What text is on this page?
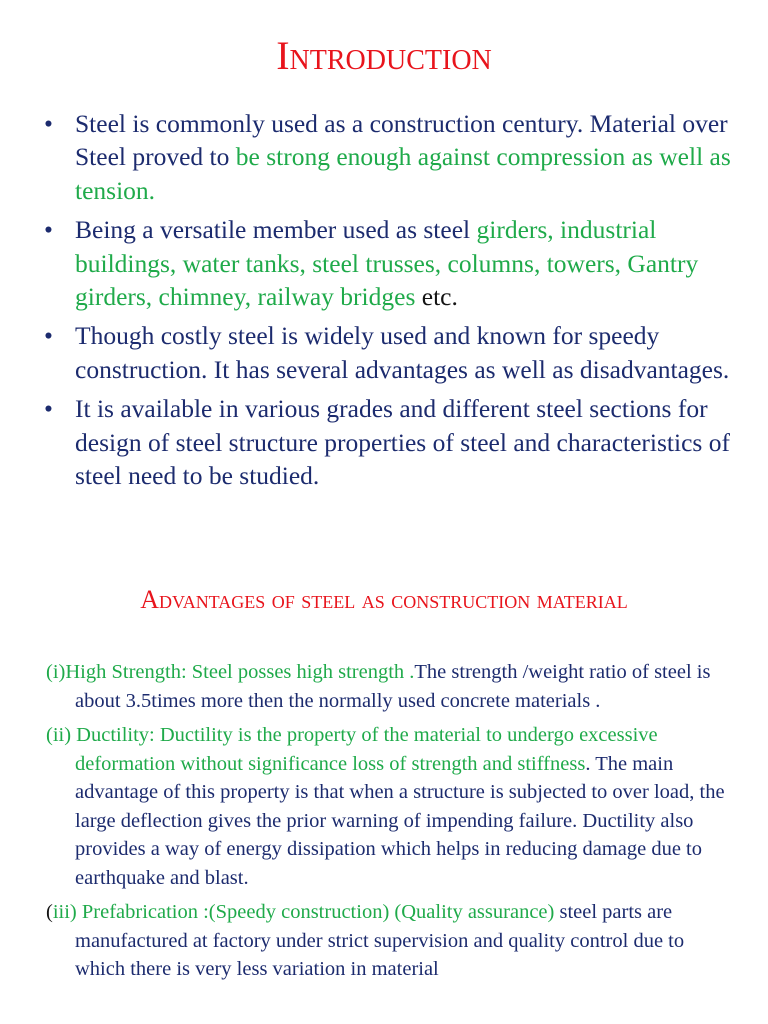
Introduction
• Steel is commonly used as a construction century. Material over Steel proved to be strong enough against compression as well as tension.
• Being a versatile member used as steel girders, industrial buildings, water tanks, steel trusses, columns, towers, Gantry girders, chimney, railway bridges etc.
• Though costly steel is widely used and known for speedy construction. It has several advantages as well as disadvantages.
• It is available in various grades and different steel sections for design of steel structure properties of steel and characteristics of steel need to be studied.
Advantages of steel as construction material

(i)High Strength: Steel posses high strength .The strength /weight ratio of steel is about 3.5times more then the normally used concrete materials .

(ii) Ductility: Ductility is the property of the material to undergo excessive deformation without significance loss of strength and stiffness. The main advantage of this property is that when a structure is subjected to over load, the large deflection gives the prior warning of impending failure. Ductility also provides a way of energy dissipation which helps in reducing damage due to earthquake and blast.

(iii) Prefabrication :(Speedy construction) (Quality assurance) steel parts are manufactured at factory under strict supervision and quality control due to which there is very less variation in material
